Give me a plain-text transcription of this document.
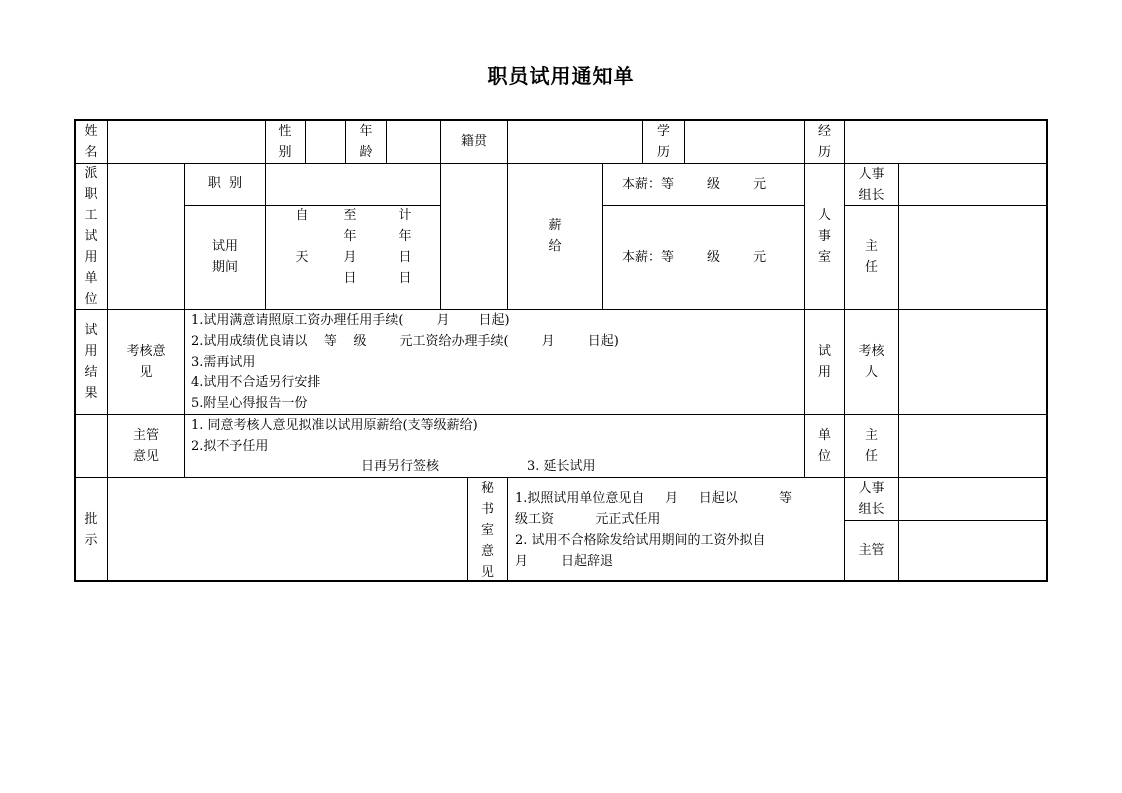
职员试用通知单
姓
名
性
别
年
龄
籍贯
学
历
经
历
派
职
工
试
用
单
位
职  别
试用
期间
自

天
至
年
月
日
计
年
日
日
薪
给
本薪：等        级        元
本薪：等        级        元
人
事
室
人事
组长
主
任
试
用
结
果
考核意
见
1.试用满意请照原工资办理任用手续(        月       日起)
2.试用成绩优良请以    等    级        元工资给办理手续(        月        日起)
3.需再试用
4.试用不合适另行安排
5.附呈心得报告一份
试
用
考核
人
主管
意见
1. 同意考核人意见拟准以试用原薪给(支等级薪给)
2.拟不予任用
日再另行签核	3. 延长试用
单
位
主
任
批
示
秘
书
室
意
见
1.拟照试用单位意见自     月     日起以          等
级工资          元正式任用
2. 试用不合格除发给试用期间的工资外拟自
月        日起辞退
人事
组长
主管
